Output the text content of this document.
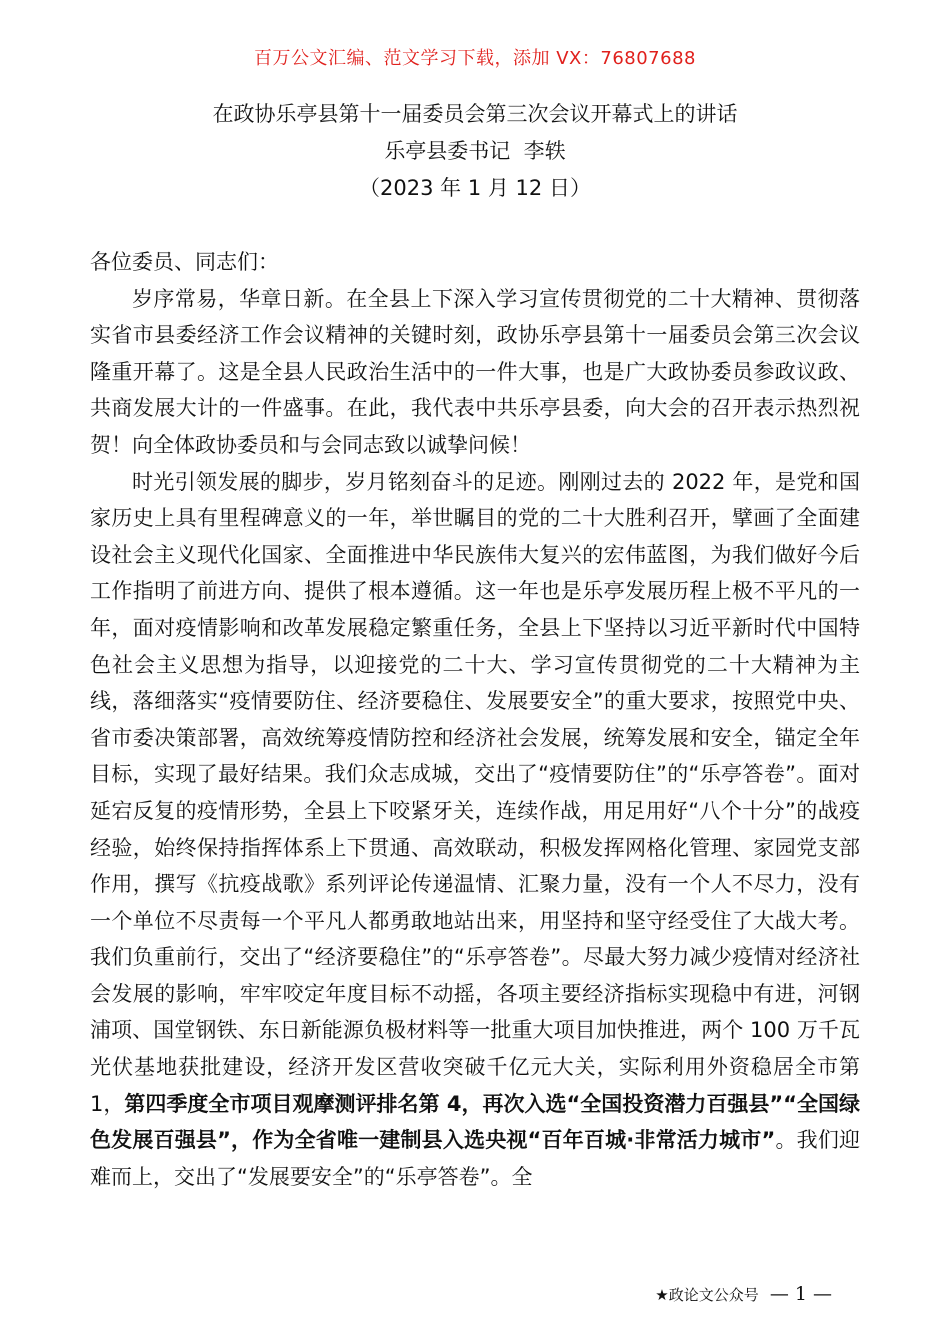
百万公文汇编、范文学习下载，添加 VX：76807688
在政协乐亭县第十一届委员会第三次会议开幕式上的讲话
乐亭县委书记  李轶
（2023 年 1 月 12 日）

各位委员、同志们：

岁序常易，华章日新。在全县上下深入学习宣传贯彻党的二十大精神、贯彻落实省市县委经济工作会议精神的关键时刻，政协乐亭县第十一届委员会第三次会议隆重开幕了。这是全县人民政治生活中的一件大事，也是广大政协委员参政议政、共商发展大计的一件盛事。在此，我代表中共乐亭县委，向大会的召开表示热烈祝贺！向全体政协委员和与会同志致以诚挚问候！

时光引领发展的脚步，岁月铭刻奋斗的足迹。刚刚过去的 2022 年，是党和国家历史上具有里程碑意义的一年，举世瞩目的党的二十大胜利召开，擘画了全面建设社会主义现代化国家、全面推进中华民族伟大复兴的宏伟蓝图，为我们做好今后工作指明了前进方向、提供了根本遵循。这一年也是乐亭发展历程上极不平凡的一年，面对疫情影响和改革发展稳定繁重任务，全县上下坚持以习近平新时代中国特色社会主义思想为指导，以迎接党的二十大、学习宣传贯彻党的二十大精神为主线，落细落实“疫情要防住、经济要稳住、发展要安全”的重大要求，按照党中央、省市委决策部署，高效统筹疫情防控和经济社会发展，统筹发展和安全，锚定全年目标，实现了最好结果。我们众志成城，交出了“疫情要防住”的“乐亭答卷”。面对延宕反复的疫情形势，全县上下咬紧牙关，连续作战，用足用好“八个十分”的战疫经验，始终保持指挥体系上下贯通、高效联动，积极发挥网格化管理、家园党支部作用，撰写《抗疫战歌》系列评论传递温情、汇聚力量，没有一个人不尽力，没有一个单位不尽责每一个平凡人都勇敢地站出来，用坚持和坚守经受住了大战大考。我们负重前行，交出了“经济要稳住”的“乐亭答卷”。尽最大努力减少疫情对经济社会发展的影响，牢牢咬定年度目标不动摇，各项主要经济指标实现稳中有进，河钢浦项、国堂钢铁、东日新能源负极材料等一批重大项目加快推进，两个 100 万千瓦光伏基地获批建设，经济开发区营收突破千亿元大关，实际利用外资稳居全市第 1，第四季度全市项目观摩测评排名第 4，再次入选“全国投资潜力百强县”“全国绿色发展百强县”，作为全省唯一建制县入选央视“百年百城·非常活力城市”。我们迎难而上，交出了“发展要安全”的“乐亭答卷”。全

★政论文公众号 — 1 —
